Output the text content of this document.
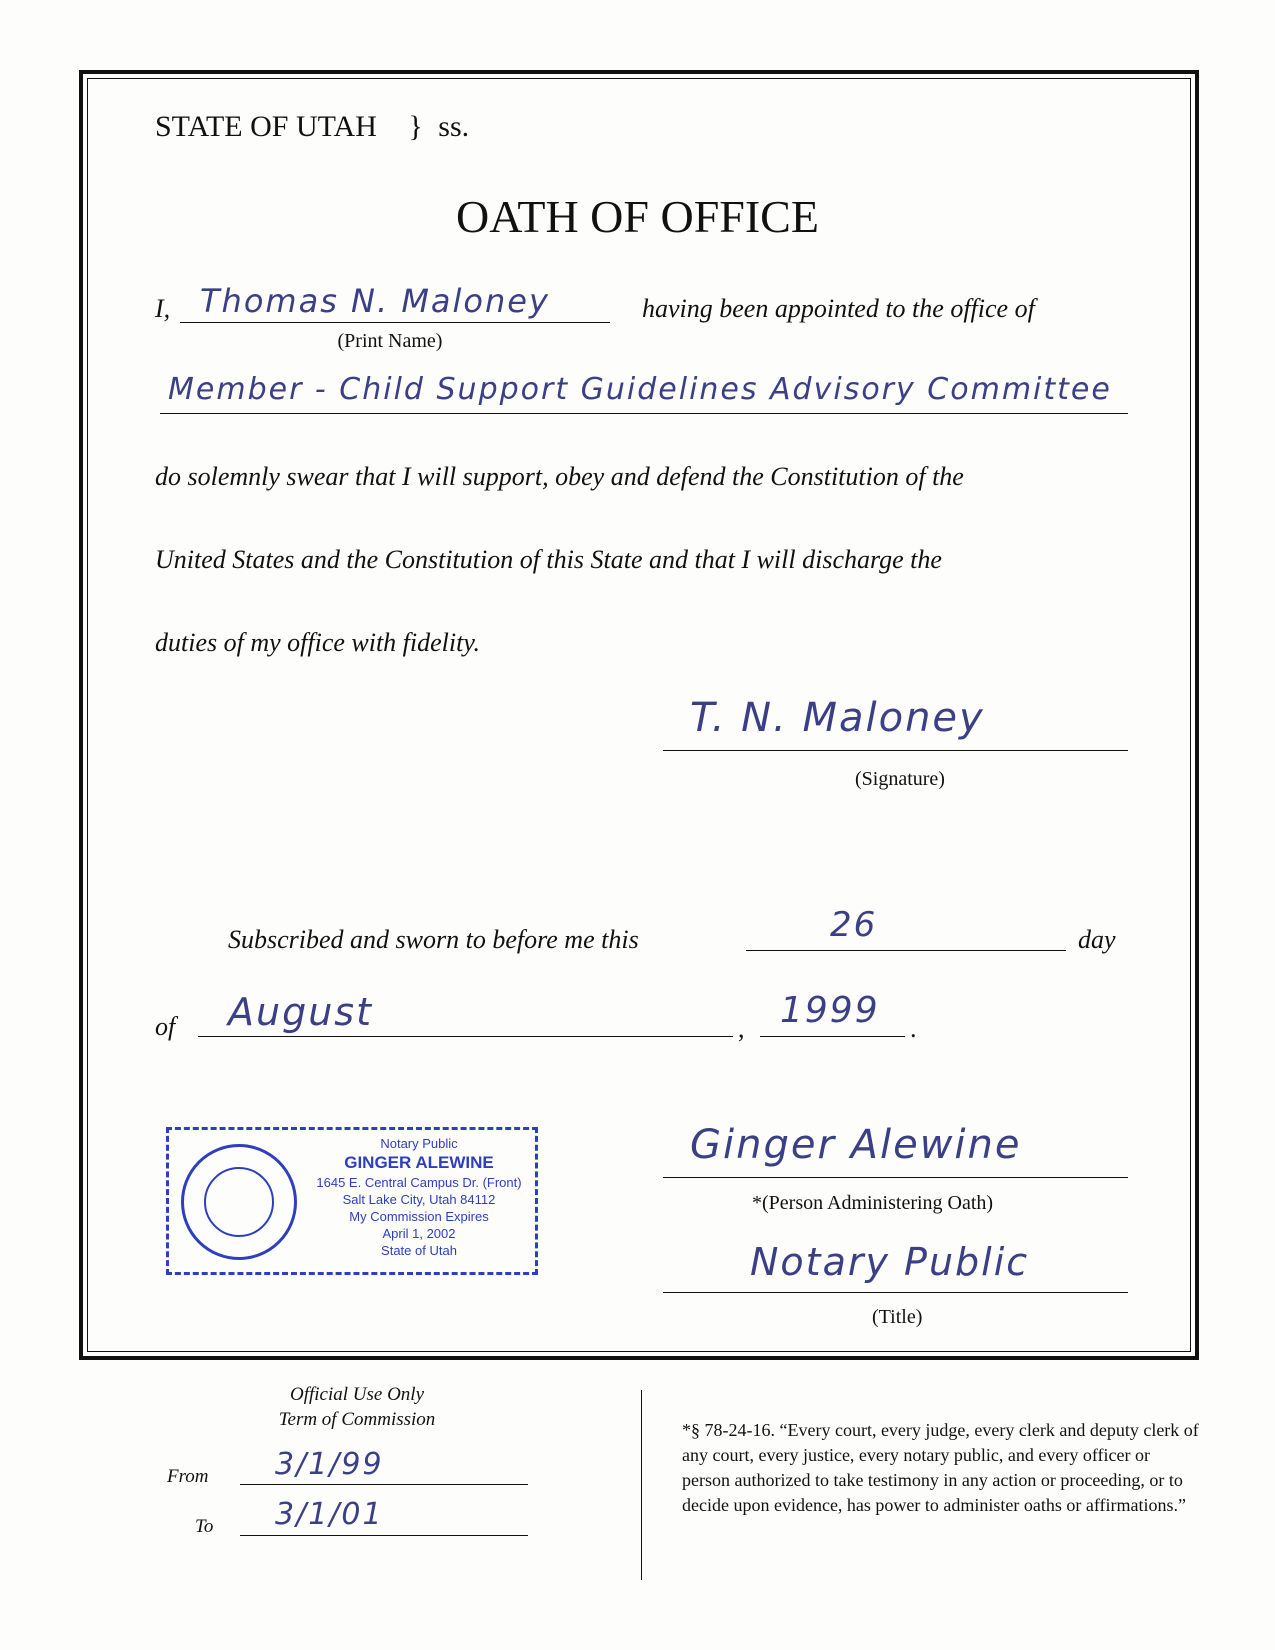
STATE OF UTAH } ss.
OATH OF OFFICE
I, Thomas N. Maloney
(Print Name)
having been appointed to the office of
Member - Child Support Guidelines Advisory Committee
do solemnly swear that I will support, obey and defend the Constitution of the
United States and the Constitution of this State and that I will discharge the
duties of my office with fidelity.
T. N. Maloney
(Signature)
Subscribed and sworn to before me this	26	day
of August	, 1999 .
Notary Public
GINGER ALEWINE
1645 E. Central Campus Dr. (Front)
Salt Lake City, Utah 84112
My Commission Expires
April 1, 2002
State of Utah
Ginger Alewine
*(Person Administering Oath)
Notary Public
(Title)
Official Use Only
Term of Commission
From 3/1/99
To 3/1/01
*§ 78-24-16. “Every court, every judge, every clerk and deputy clerk of any court, every justice, every notary public, and every officer or person authorized to take testimony in any action or proceeding, or to decide upon evidence, has power to administer oaths or affirmations.”
